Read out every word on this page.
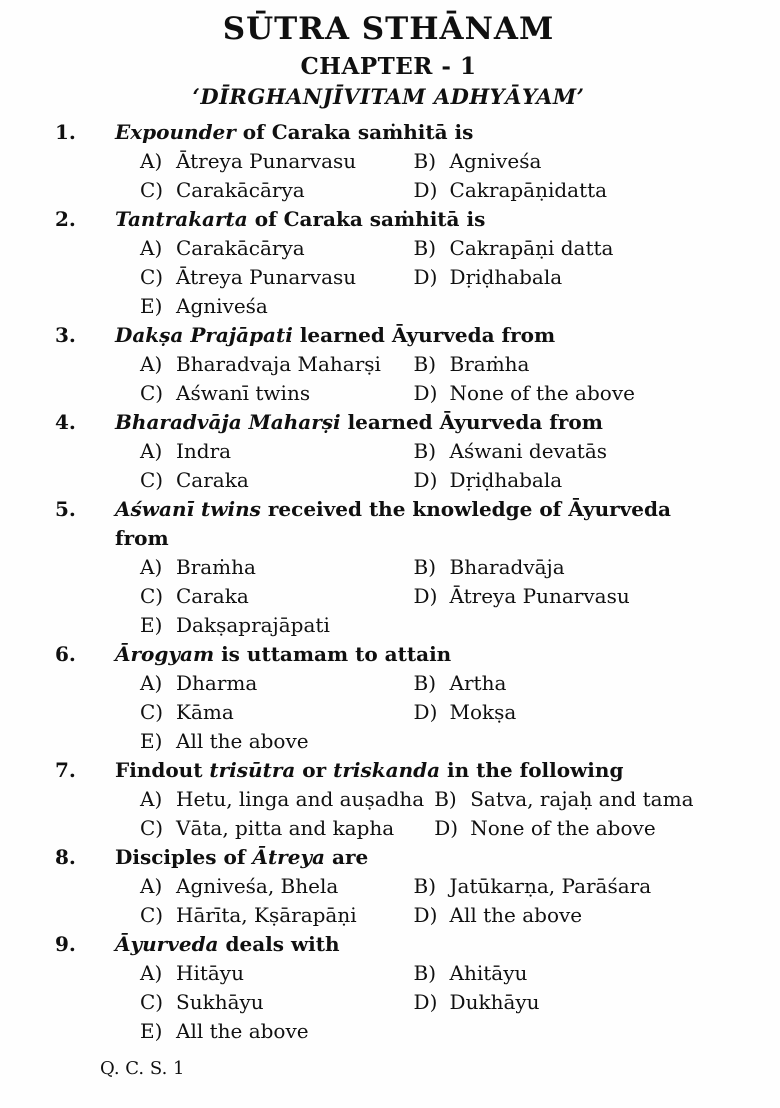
SŪTRA STHĀNAM
CHAPTER - 1
‘DĪRGHANJĪVITAM ADHYĀYAM’
1.	Expounder of Caraka saṁhitā is
A) Ātreya Punarvasu	B) Agniveśa
C) Carakācārya	D) Cakrapāṇidatta
2.	Tantrakarta of Caraka saṁhitā is
A) Carakācārya	B) Cakrapāṇi datta
C) Ātreya Punarvasu	D) Dṛiḍhabala
E) Agniveśa
3.	Dakṣa Prajāpati learned Āyurveda from
A) Bharadvaja Maharṣi B) Braṁha
C) Aśwanī twins	D) None of the above
4.	Bharadvāja Maharṣi learned Āyurveda from
A) Indra	B) Aśwani devatās
C) Caraka	D) Dṛiḍhabala
5.	Aśwanī twins received the knowledge of Āyurveda from
A) Braṁha	B) Bharadvāja
C) Caraka	D) Ātreya Punarvasu
E) Dakṣaprajāpati
6.	Ārogyam is uttamam to attain
A) Dharma	B) Artha
C) Kāma	D) Mokṣa
E) All the above
7.	Findout trisūtra or triskanda in the following
A) Hetu, linga and auṣadha B) Satva, rajaḥ and tama
C) Vāta, pitta and kapha D) None of the above
8.	Disciples of Ātreya are
A) Agniveśa, Bhela	B) Jatūkarṇa, Parāśara
C) Hārīta, Kṣārapāṇi	D) All the above
9.	Āyurveda deals with
A) Hitāyu	B) Ahitāyu
C) Sukhāyu	D) Dukhāyu
E) All the above
Q. C. S. 1
